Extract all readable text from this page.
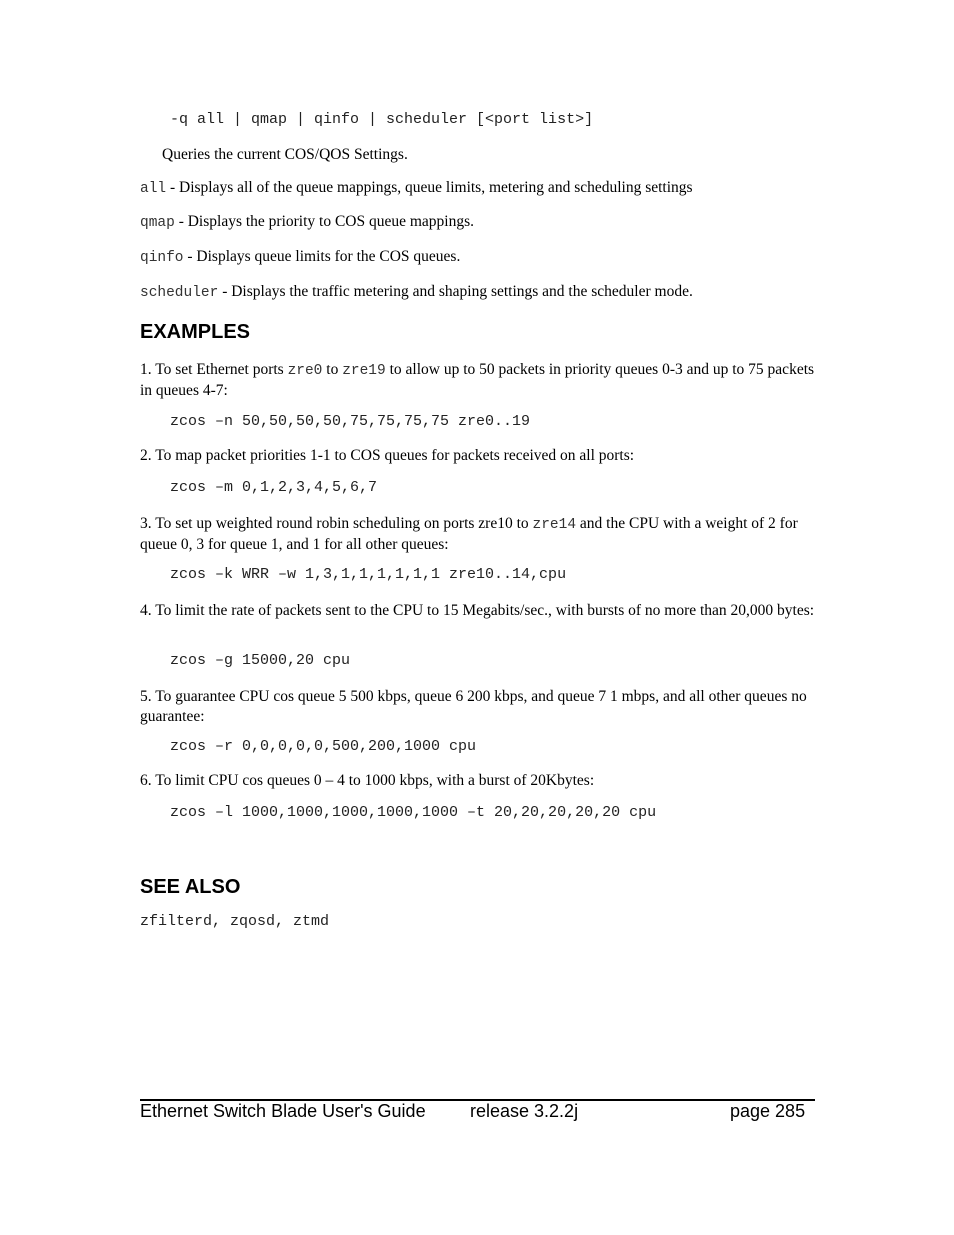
-q all | qmap | qinfo | scheduler [<port list>]
Queries the current COS/QOS Settings.
all - Displays all of the queue mappings, queue limits, metering and scheduling settings
qmap - Displays the priority to COS queue mappings.
qinfo - Displays queue limits for the COS queues.
scheduler - Displays the traffic metering and shaping settings and the scheduler mode.
EXAMPLES
1. To set Ethernet ports zre0 to zre19 to allow up to 50 packets in priority queues 0-3 and up to 75 packets in queues 4-7:
zcos –n 50,50,50,50,75,75,75,75 zre0..19
2. To map packet priorities 1-1 to COS queues for packets received on all ports:
zcos –m 0,1,2,3,4,5,6,7
3. To set up weighted round robin scheduling on ports zre10 to zre14 and the CPU with a weight of 2 for queue 0, 3 for queue 1, and 1 for all other queues:
zcos –k WRR –w 1,3,1,1,1,1,1,1 zre10..14,cpu
4. To limit the rate of packets sent to the CPU to 15 Megabits/sec., with bursts of no more than 20,000 bytes:
zcos –g 15000,20 cpu
5. To guarantee CPU cos queue 5 500 kbps, queue 6 200 kbps, and queue 7 1 mbps, and all other queues no guarantee:
zcos –r 0,0,0,0,0,500,200,1000 cpu
6. To limit CPU cos queues 0 – 4 to 1000 kbps, with a burst of 20Kbytes:
zcos –l 1000,1000,1000,1000,1000 –t 20,20,20,20,20 cpu
SEE ALSO
zfilterd, zqosd, ztmd
Ethernet Switch Blade User's Guide release 3.2.2j	page 285
